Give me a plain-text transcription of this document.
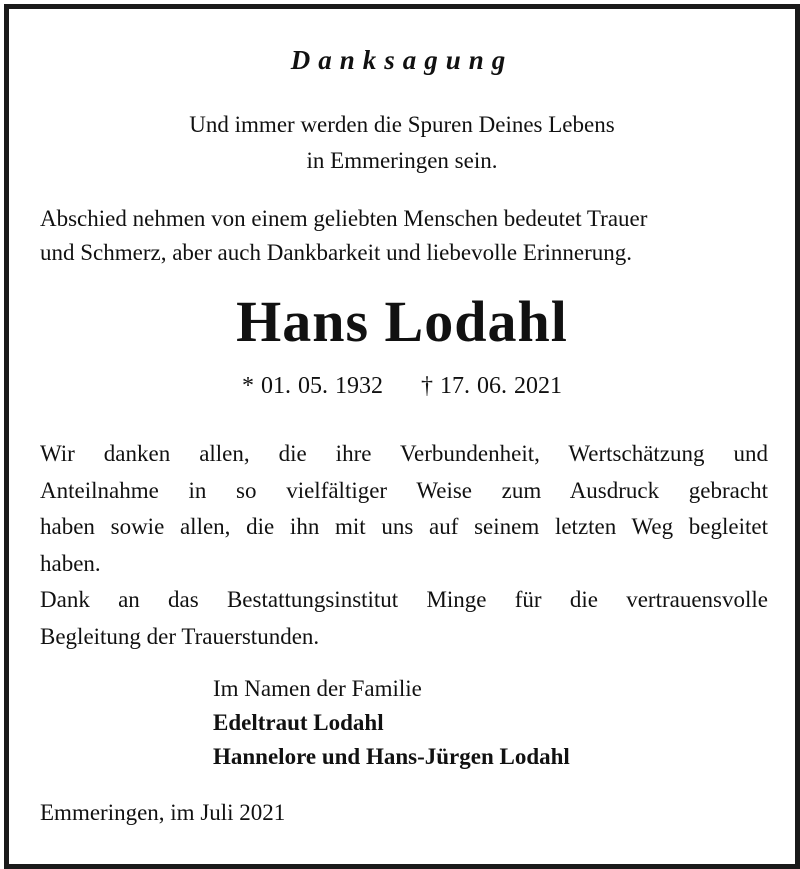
Danksagung
Und immer werden die Spuren Deines Lebens
in Emmeringen sein.
Abschied nehmen von einem geliebten Menschen bedeutet Trauer
und Schmerz, aber auch Dankbarkeit und liebevolle Erinnerung.
Hans Lodahl
* 01. 05. 1932 † 17. 06. 2021
Wir danken allen, die ihre Verbundenheit, Wertschätzung und
Anteilnahme in so vielfältiger Weise zum Ausdruck gebracht
haben sowie allen, die ihn mit uns auf seinem letzten Weg begleitet
haben.
Dank an das Bestattungsinstitut Minge für die vertrauensvolle
Begleitung der Trauerstunden.
Im Namen der Familie
Edeltraut Lodahl
Hannelore und Hans-Jürgen Lodahl
Emmeringen, im Juli 2021
